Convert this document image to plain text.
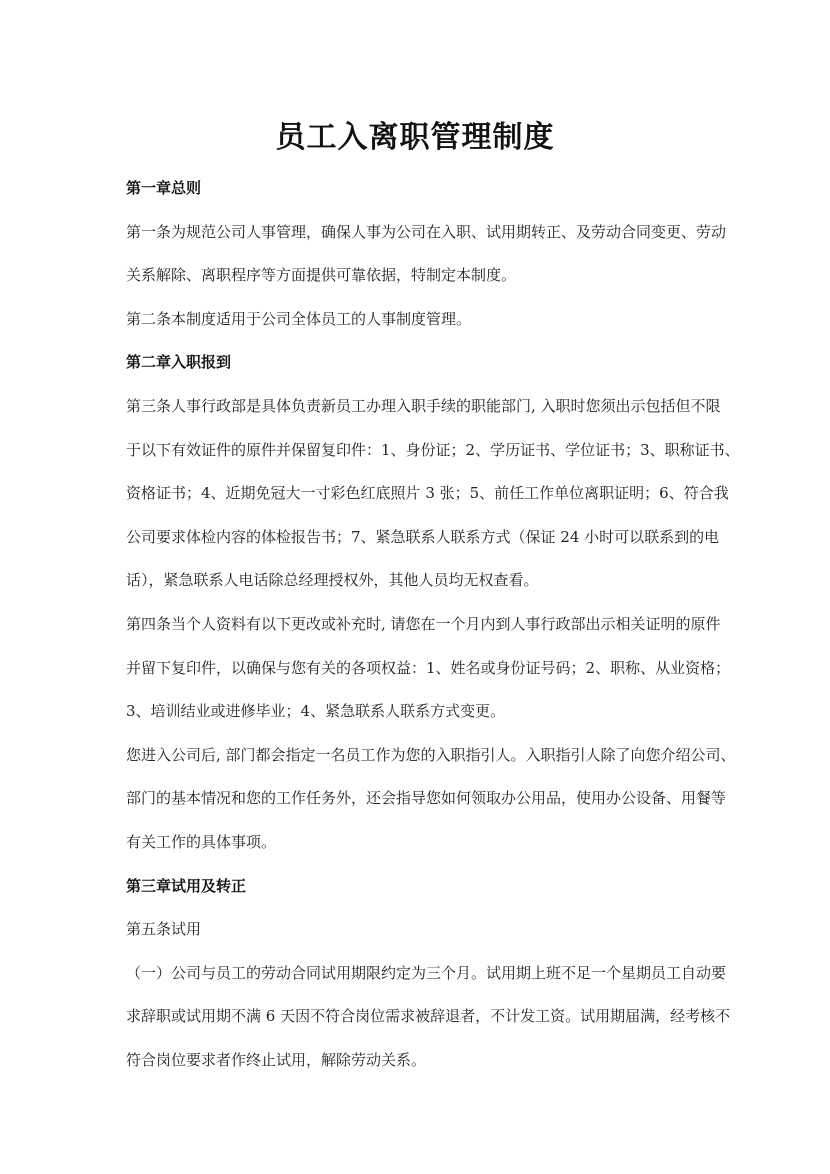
员工入离职管理制度
第一章总则
第一条为规范公司人事管理，确保人事为公司在入职、试用期转正、及劳动合同变更、劳动
关系解除、离职程序等方面提供可靠依据，特制定本制度。
第二条本制度适用于公司全体员工的人事制度管理。
第二章入职报到
第三条人事行政部是具体负责新员工办理入职手续的职能部门, 入职时您须出示包括但不限
于以下有效证件的原件并保留复印件：1、身份证；2、学历证书、学位证书；3、职称证书、
资格证书；4、近期免冠大一寸彩色红底照片 3 张；5、前任工作单位离职证明；6、符合我
公司要求体检内容的体检报告书；7、紧急联系人联系方式（保证 24 小时可以联系到的电
话），紧急联系人电话除总经理授权外，其他人员均无权查看。
第四条当个人资料有以下更改或补充时, 请您在一个月内到人事行政部出示相关证明的原件
并留下复印件，以确保与您有关的各项权益：1、姓名或身份证号码；2、职称、从业资格；
3、培训结业或进修毕业；4、紧急联系人联系方式变更。
您进入公司后, 部门都会指定一名员工作为您的入职指引人。入职指引人除了向您介绍公司、
部门的基本情况和您的工作任务外，还会指导您如何领取办公用品，使用办公设备、用餐等
有关工作的具体事项。
第三章试用及转正
第五条试用
（一）公司与员工的劳动合同试用期限约定为三个月。试用期上班不足一个星期员工自动要
求辞职或试用期不满 6 天因不符合岗位需求被辞退者，不计发工资。试用期届满，经考核不
符合岗位要求者作终止试用，解除劳动关系。
